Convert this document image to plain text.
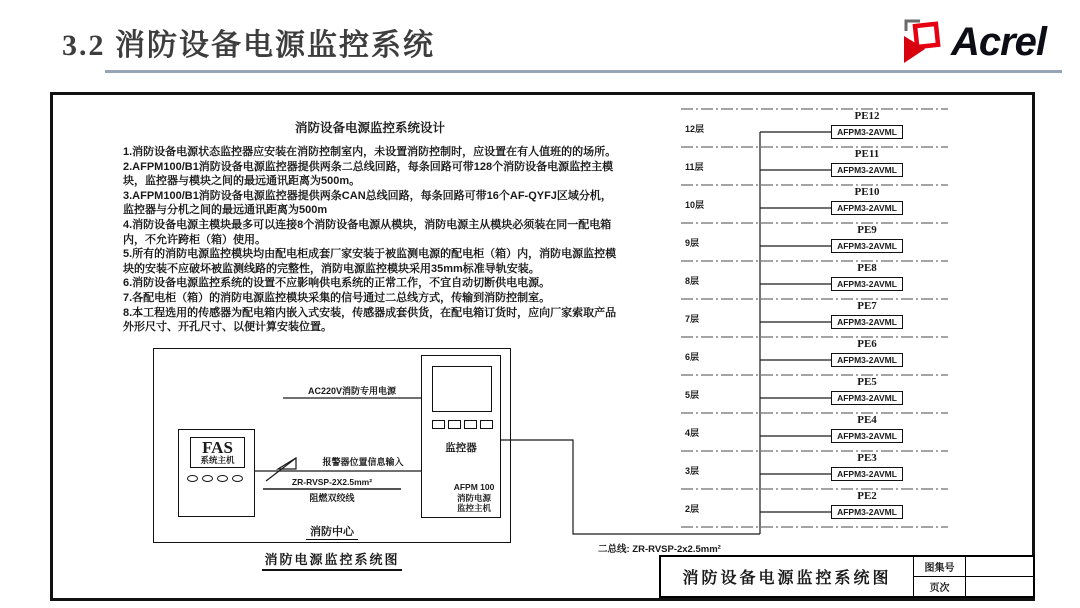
3.2 消防设备电源监控系统	Acrel
消防设备电源监控系统设计

1.消防设备电源状态监控器应安装在消防控制室内，未设置消防控制时，应设置在有人值班的的场所。

2.AFPM100/B1消防设备电源监控器提供两条二总线回路，每条回路可带128个消防设备电源监控主模块，监控器与模块之间的最远通讯距离为500m。

3.AFPM100/B1消防设备电源监控器提供两条CAN总线回路，每条回路可带16个AF-QYFJ区域分机，监控器与分机之间的最远通讯距离为500m

4.消防设备电源主模块最多可以连接8个消防设备电源从模块，消防电源主从模块必须装在同一配电箱内，不允许跨柜（箱）使用。

5.所有的消防电源监控模块均由配电柜成套厂家安装于被监测电源的配电柜（箱）内，消防电源监控模块的安装不应破坏被监测线路的完整性，消防电源监控模块采用35mm标准导轨安装。

6.消防设备电源监控系统的设置不应影响供电系统的正常工作，不宜自动切断供电电源。

7.各配电柜（箱）的消防电源监控模块采集的信号通过二总线方式，传输到消防控制室。

8.本工程选用的传感器为配电箱内嵌入式安装，传感器成套供货，在配电箱订货时，应向厂家索取产品外形尺寸、开孔尺寸、以便计算安装位置。

FAS
系统主机
监控器
AFPM 100
消防电源
监控主机
AC220V消防专用电源
报警器位置信息输入
ZR-RVSP-2X2.5mm²
阻燃双绞线
消防中心
消防电源监控系统图
二总线: ZR-RVSP-2x2.5mm²
12层
PE12
AFPM3-2AVML
11层
PE11
AFPM3-2AVML
10层
PE10
AFPM3-2AVML
9层
PE9
AFPM3-2AVML
8层
PE8
AFPM3-2AVML
7层
PE7
AFPM3-2AVML
6层
PE6
AFPM3-2AVML
5层
PE5
AFPM3-2AVML
4层
PE4
AFPM3-2AVML
3层
PE3
AFPM3-2AVML
2层
PE2
AFPM3-2AVML
消防设备电源监控系统图
图集号
页次
